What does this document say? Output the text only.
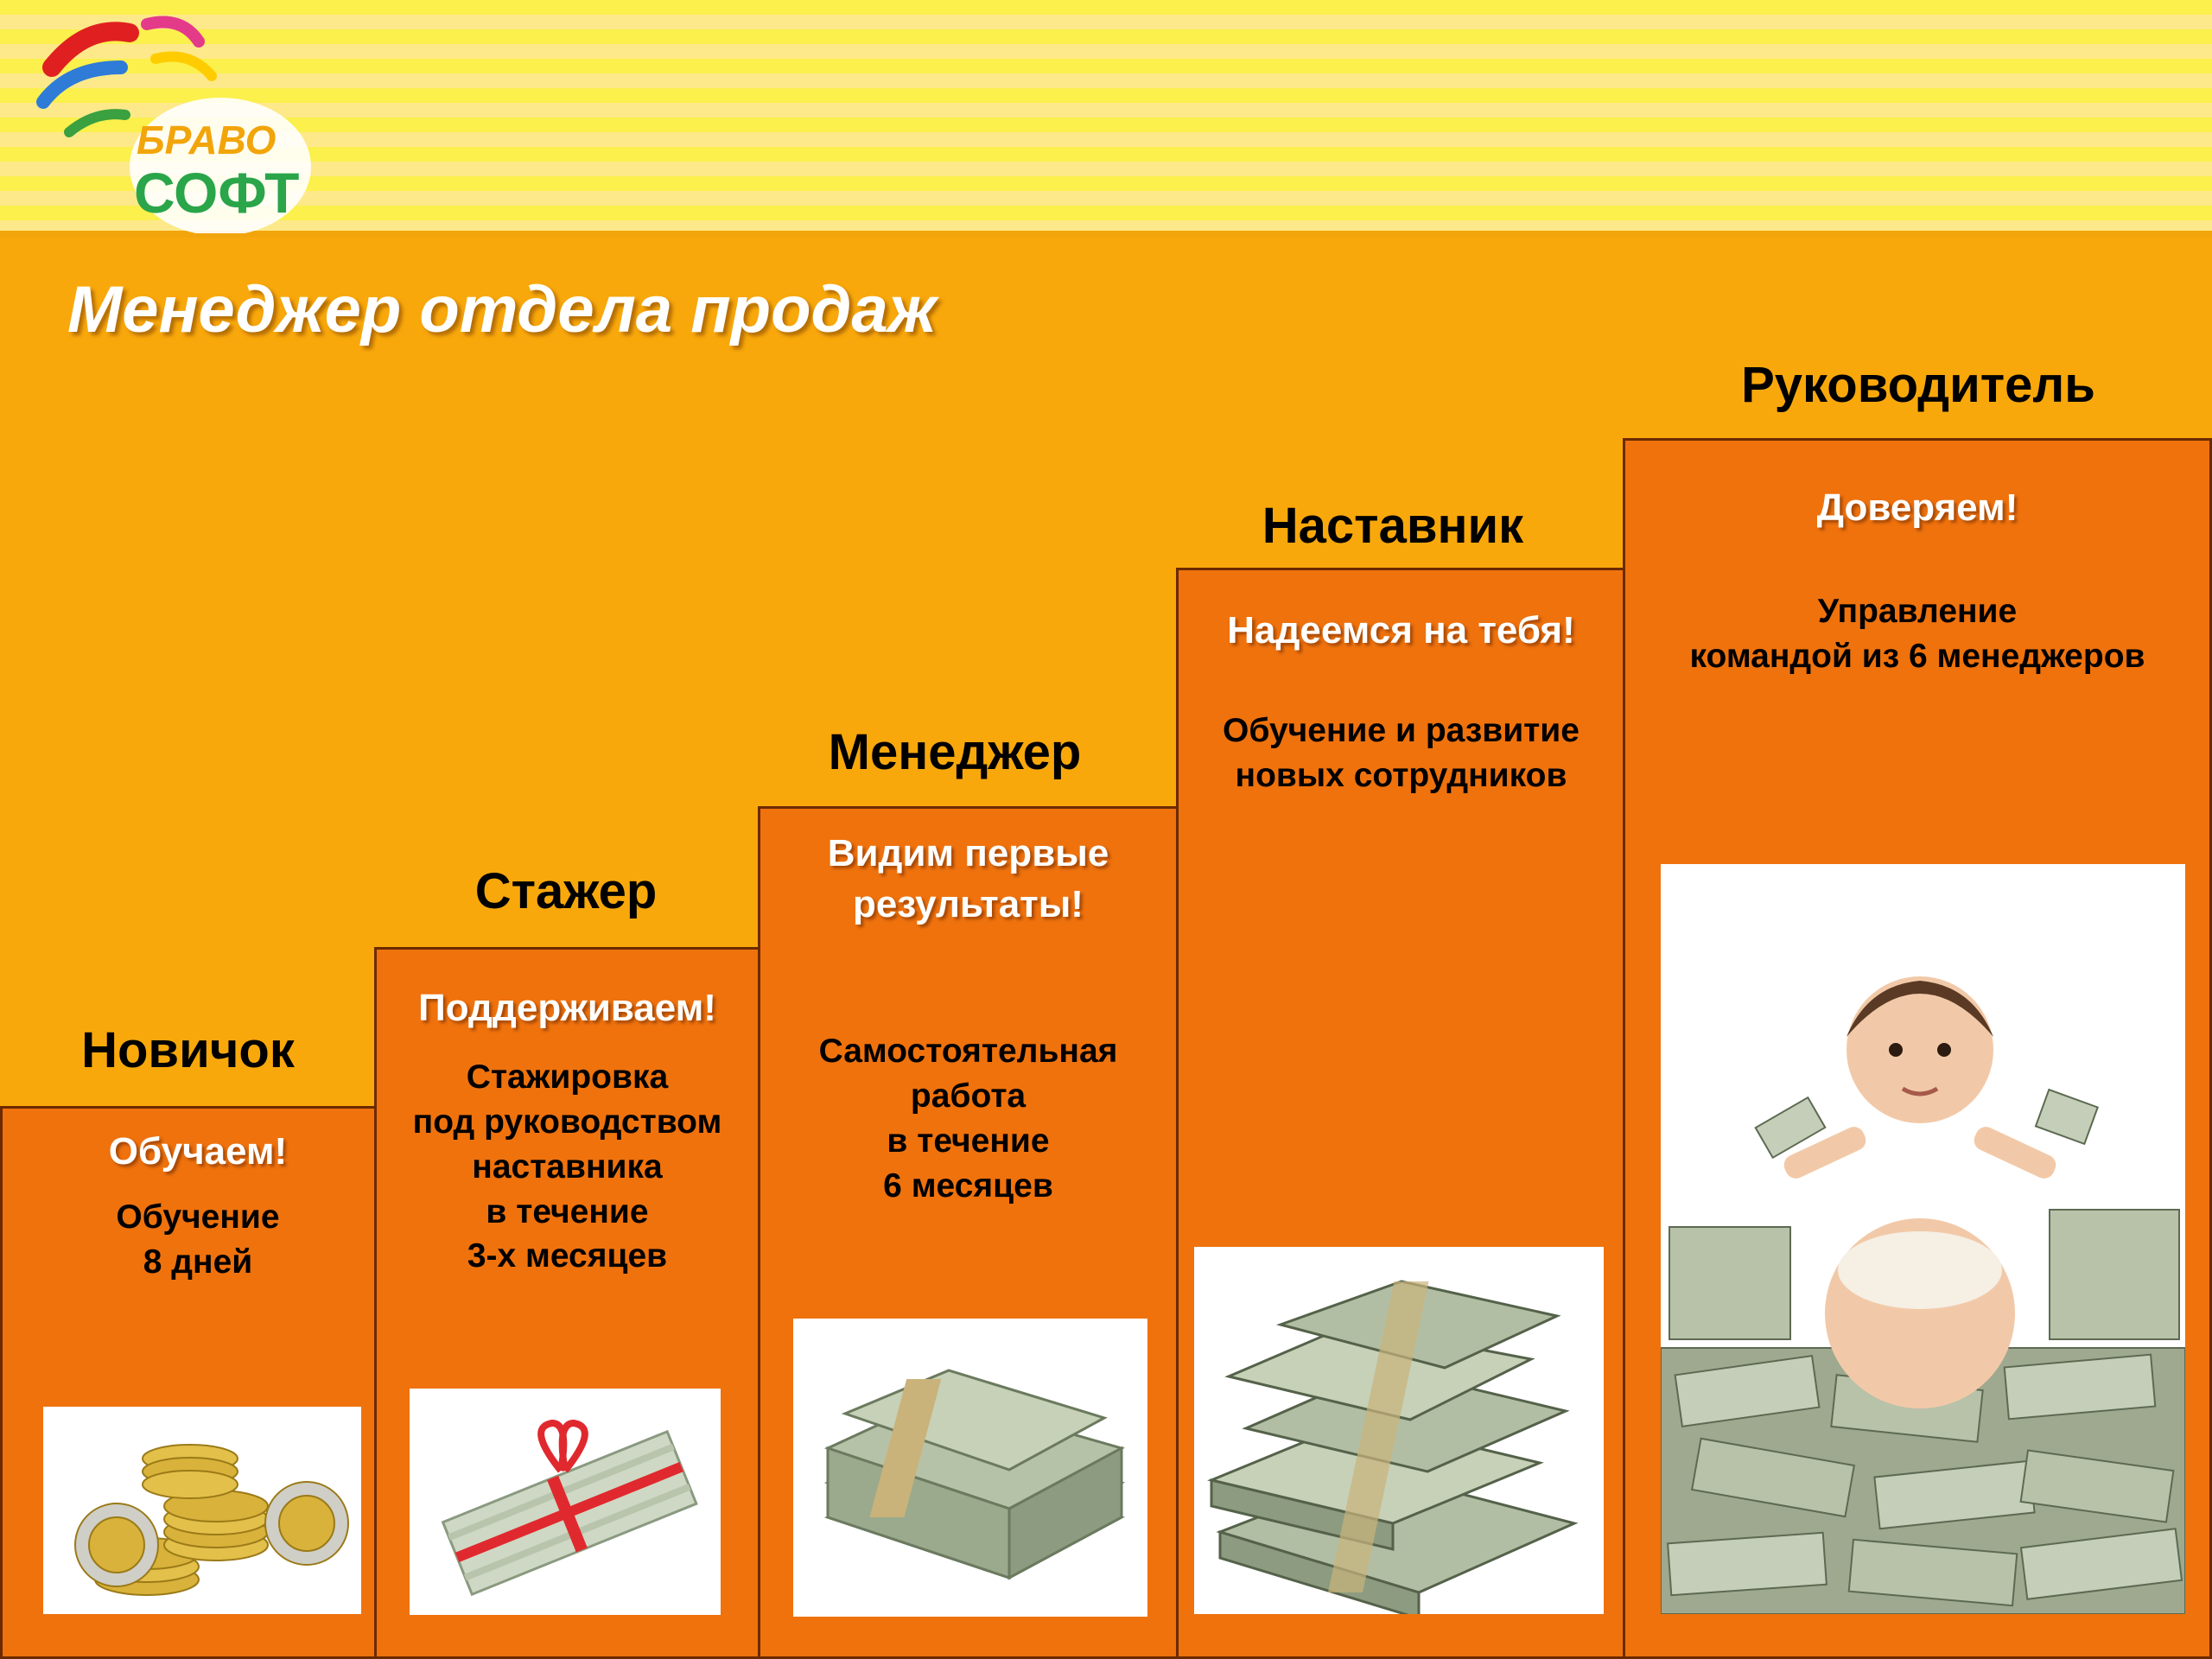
БРАВО
СОФТ
Менеджер отдела продаж
Новичок
Обучаем!
Обучение
8 дней
Стажер
Поддерживаем!
Стажировка
под руководством
наставника
в течение
3-х месяцев
Менеджер
Видим первые
результаты!
Самостоятельная
работа
в течение
6 месяцев
Наставник
Надеемся на тебя!
Обучение и развитие
новых сотрудников
Руководитель
Доверяем!
Управление
командой из 6 менеджеров
